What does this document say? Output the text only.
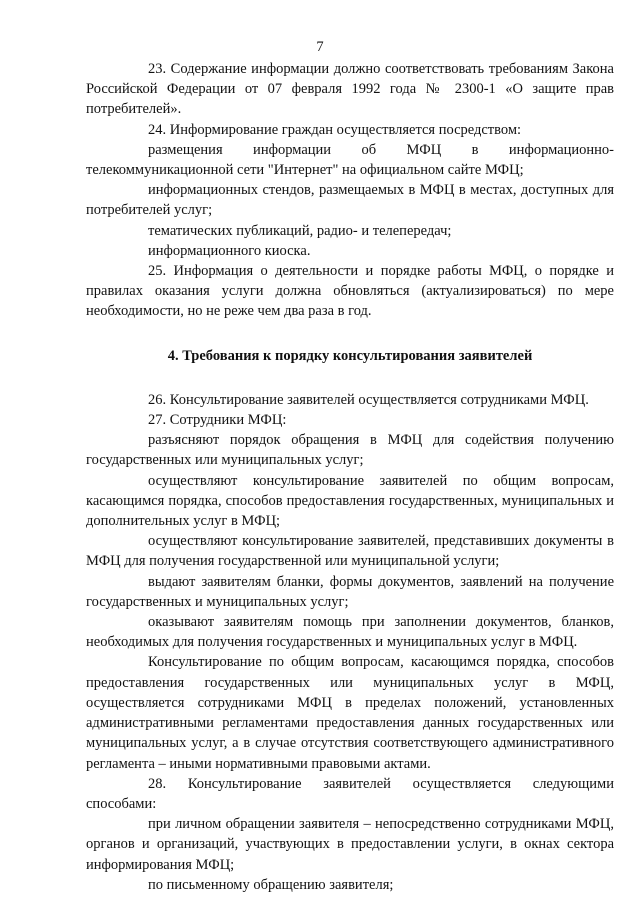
7

23. Содержание информации должно соответствовать требованиям Закона Российской Федерации от 07 февраля 1992 года № 2300-1 «О защите прав потребителей».

24. Информирование граждан осуществляется посредством:

размещения информации об МФЦ в информационно-телекоммуникационной сети "Интернет" на официальном сайте МФЦ;

информационных стендов, размещаемых в МФЦ в местах, доступных для потребителей услуг;

тематических публикаций, радио- и телепередач;

информационного киоска.

25. Информация о деятельности и порядке работы МФЦ, о порядке и правилах оказания услуги должна обновляться (актуализироваться) по мере необходимости, но не реже чем два раза в год.

4. Требования к порядку консультирования заявителей

26. Консультирование заявителей осуществляется сотрудниками МФЦ.

27. Сотрудники МФЦ:

разъясняют порядок обращения в МФЦ для содействия получению государственных или муниципальных услуг;

осуществляют консультирование заявителей по общим вопросам, касающимся порядка, способов предоставления государственных, муниципальных и дополнительных услуг в МФЦ;

осуществляют консультирование заявителей, представивших документы в МФЦ для получения государственной или муниципальной услуги;

выдают заявителям бланки, формы документов, заявлений на получение государственных и муниципальных услуг;

оказывают заявителям помощь при заполнении документов, бланков, необходимых для получения государственных и муниципальных услуг в МФЦ.

Консультирование по общим вопросам, касающимся порядка, способов предоставления государственных или муниципальных услуг в МФЦ, осуществляется сотрудниками МФЦ в пределах положений, установленных административными регламентами предоставления данных государственных или муниципальных услуг, а в случае отсутствия соответствующего административного регламента – иными нормативными правовыми актами.

28. Консультирование заявителей осуществляется следующими способами:

при личном обращении заявителя – непосредственно сотрудниками МФЦ, органов и организаций, участвующих в предоставлении услуги, в окнах сектора информирования МФЦ;

по письменному обращению заявителя;
